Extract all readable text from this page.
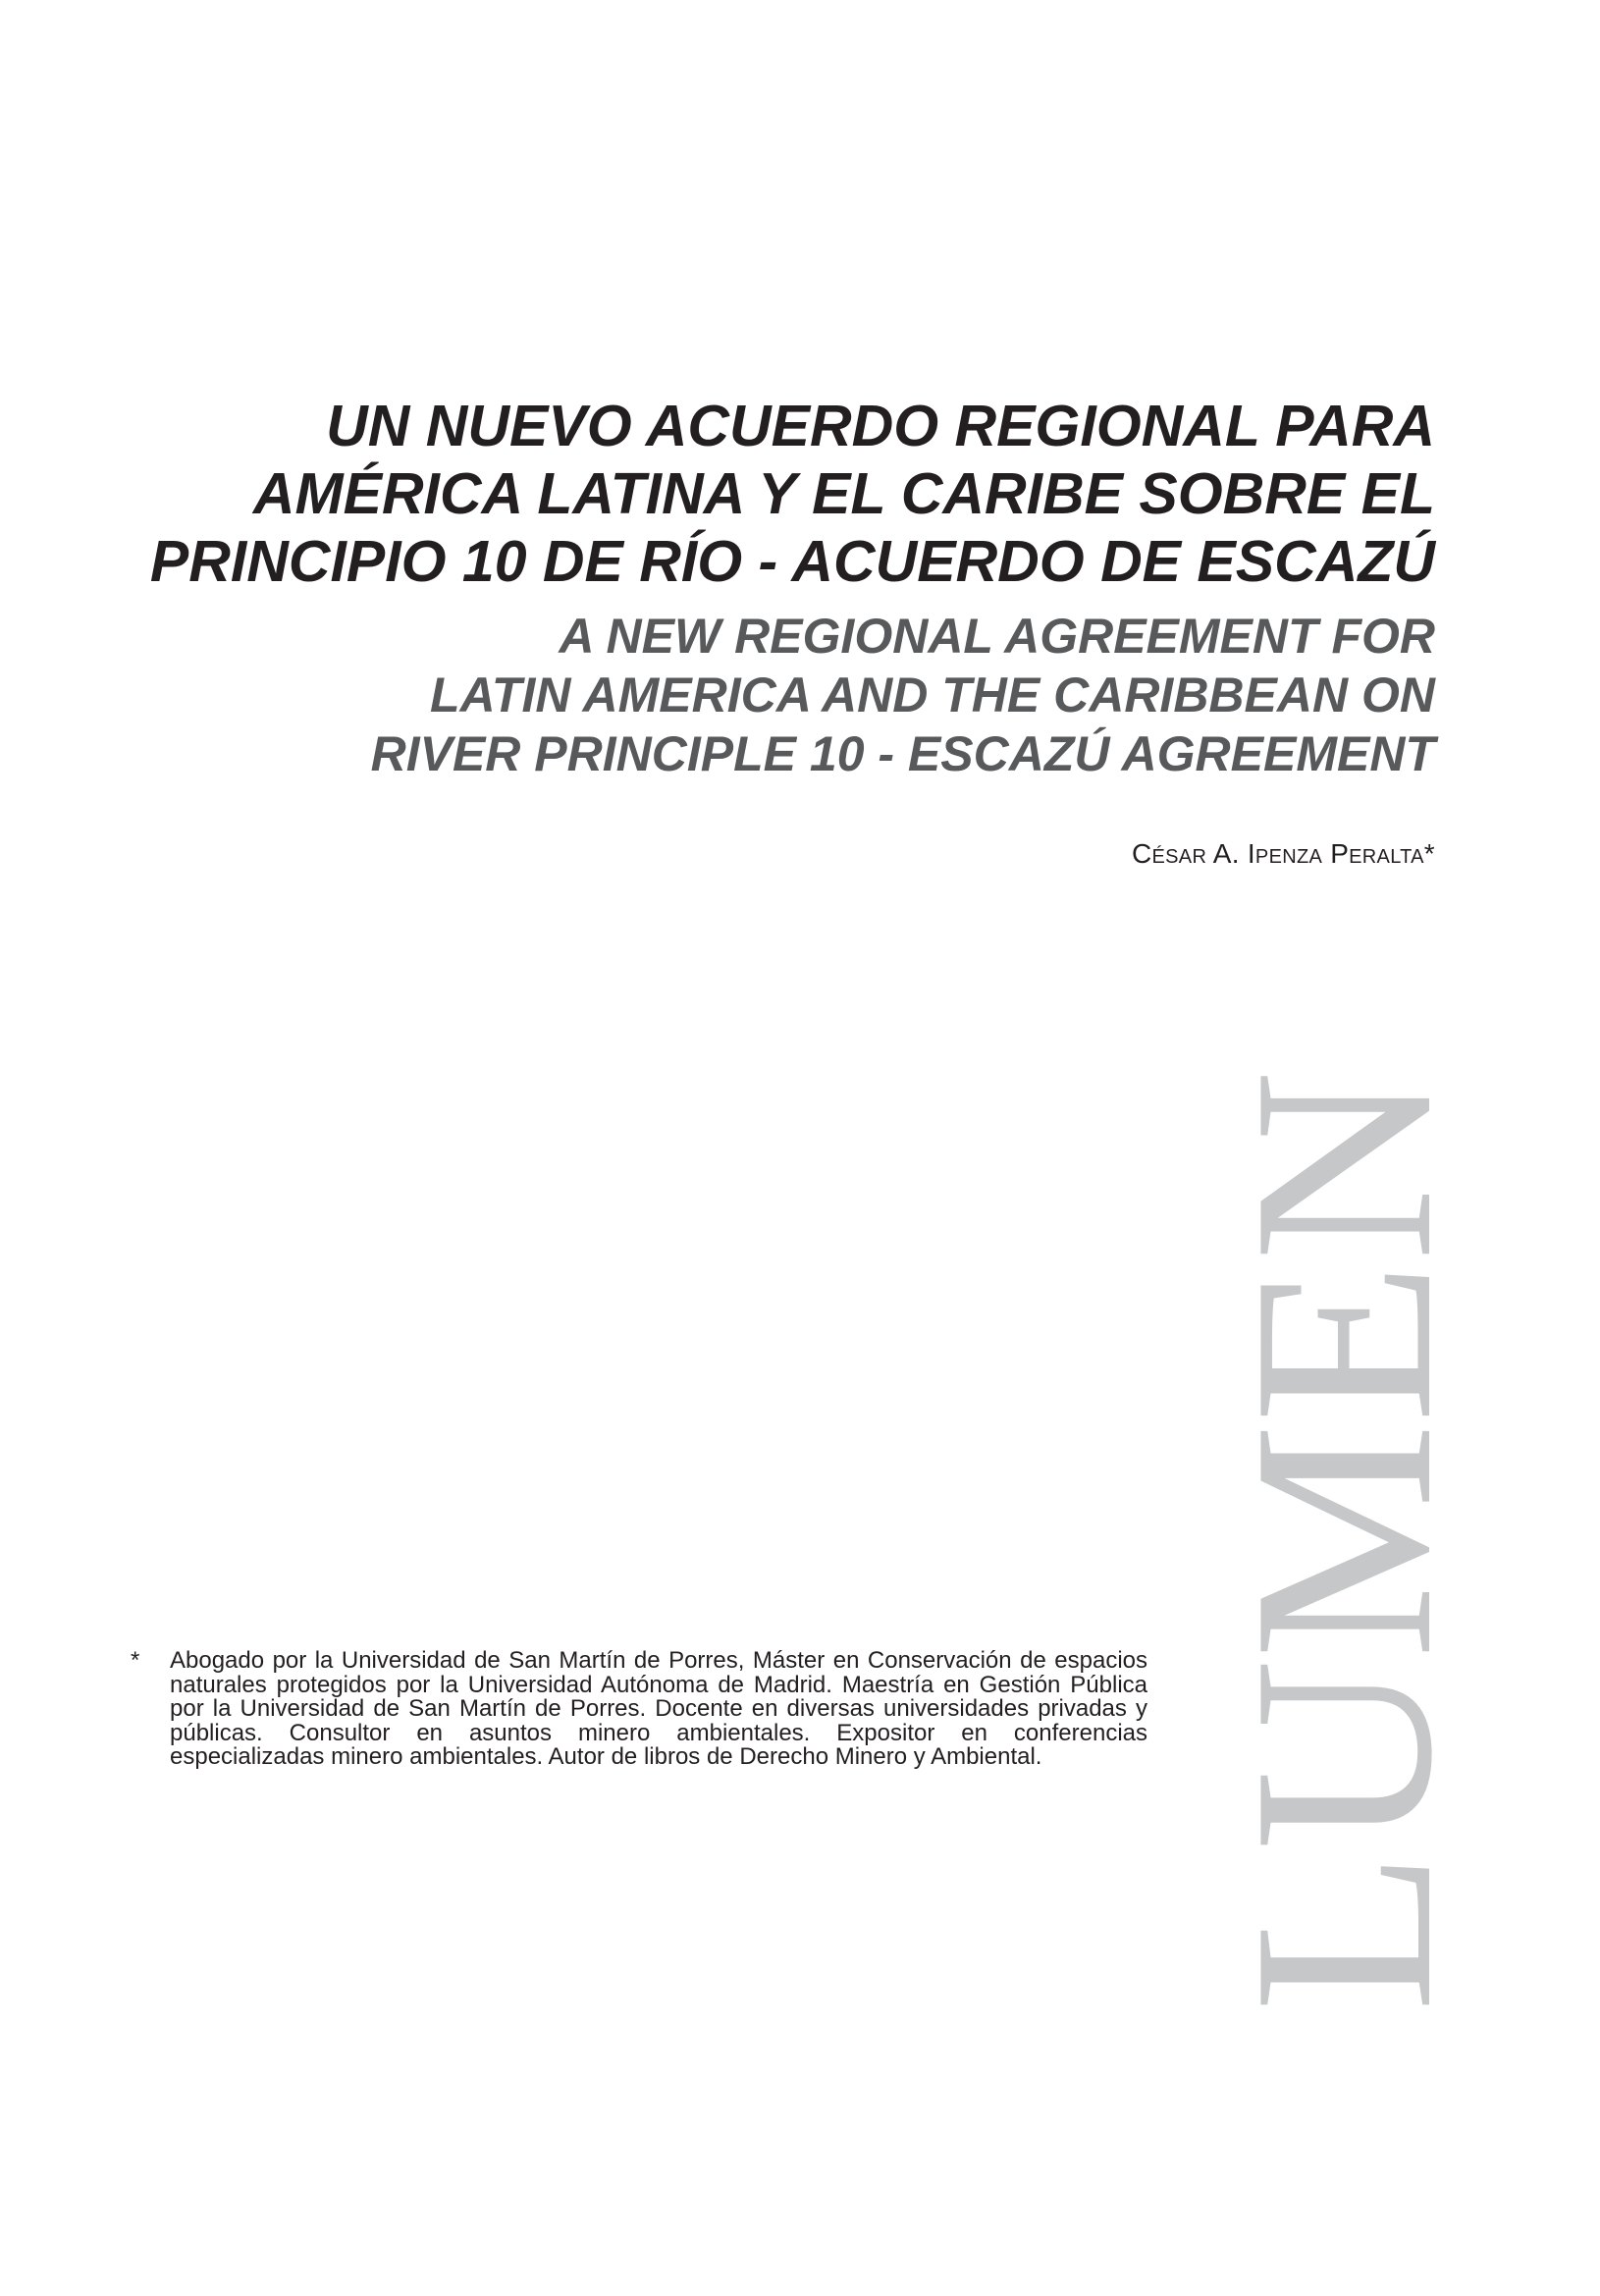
UN NUEVO ACUERDO REGIONAL PARA
AMÉRICA LATINA Y EL CARIBE SOBRE EL
PRINCIPIO 10 DE RÍO - ACUERDO DE ESCAZÚ
A NEW REGIONAL AGREEMENT FOR
LATIN AMERICA AND THE CARIBBEAN ON
RIVER PRINCIPLE 10 - ESCAZÚ AGREEMENT
César A. Ipenza Peralta*
LUMEN
* Abogado por la Universidad de San Martín de Porres, Máster en Conservación de espacios naturales protegidos por la Universidad Autónoma de Madrid. Maestría en Gestión Pública por la Universidad de San Martín de Porres. Docente en diversas universidades privadas y públicas. Consultor en asuntos minero ambientales. Expositor en conferencias especializadas minero ambientales. Autor de libros de Derecho Minero y Ambiental.
